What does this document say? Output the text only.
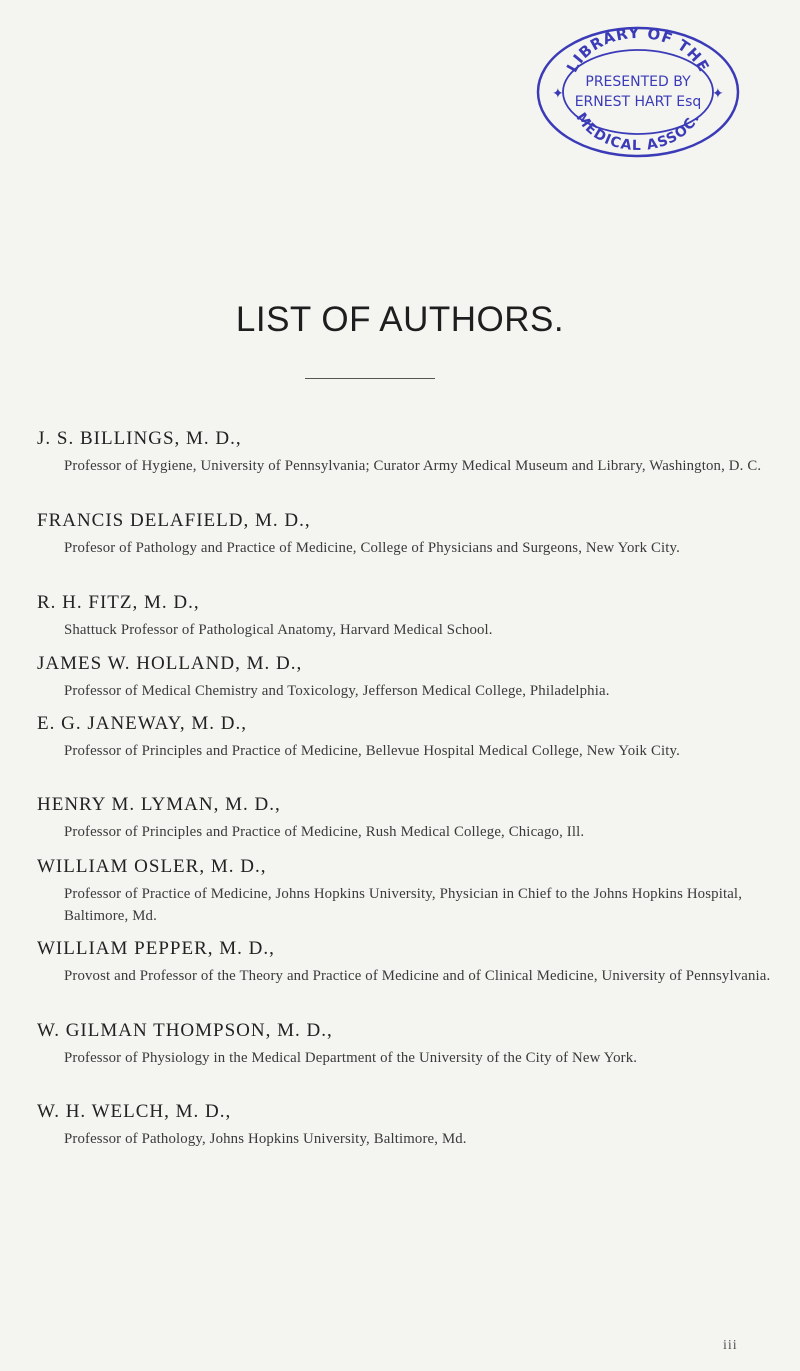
LIBRARY OF THE
MEDICAL ASSOC.
PRESENTED BY
ERNEST HART Esq
✦	✦
LIST OF AUTHORS.

J. S. BILLINGS, M. D.,

Professor of Hygiene, University of Pennsylvania; Curator Army Medical Museum and Library, Washington, D. C.

FRANCIS DELAFIELD, M. D.,

Profesor of Pathology and Practice of Medicine, College of Physicians and Surgeons, New York City.

R. H. FITZ, M. D.,

Shattuck Professor of Pathological Anatomy, Harvard Medical School.

JAMES W. HOLLAND, M. D.,

Professor of Medical Chemistry and Toxicology, Jefferson Medical College, Philadelphia.

E. G. JANEWAY, M. D.,

Professor of Principles and Practice of Medicine, Bellevue Hospital Medical College, New Yoik City.

HENRY M. LYMAN, M. D.,

Professor of Principles and Practice of Medicine, Rush Medical College, Chicago, Ill.

WILLIAM OSLER, M. D.,

Professor of Practice of Medicine, Johns Hopkins University, Physician in Chief to the Johns Hopkins Hospital, Baltimore, Md.

WILLIAM PEPPER, M. D.,

Provost and Professor of the Theory and Practice of Medicine and of Clinical Medicine, University of Pennsylvania.

W. GILMAN THOMPSON, M. D.,

Professor of Physiology in the Medical Department of the University of the City of New York.

W. H. WELCH, M. D.,

Professor of Pathology, Johns Hopkins University, Baltimore, Md.

iii
